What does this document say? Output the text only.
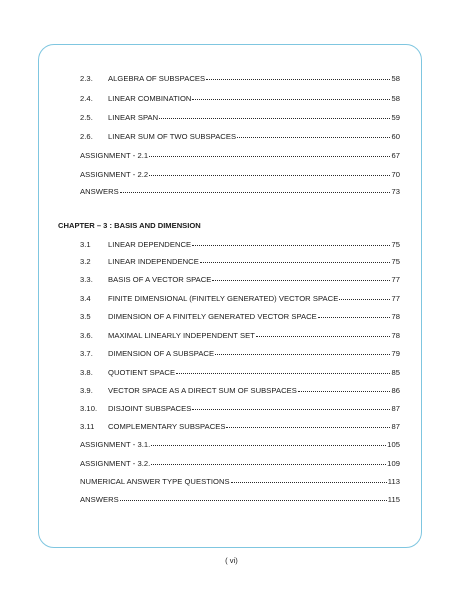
2.3.	ALGEBRA OF SUBSPACES	58
2.4.	LINEAR COMBINATION	58
2.5.	LINEAR SPAN	59
2.6.	LINEAR SUM OF TWO SUBSPACES	60
ASSIGNMENT - 2.1	67
ASSIGNMENT - 2.2	70
ANSWERS	73
CHAPTER – 3 : BASIS AND DIMENSION
3.1	LINEAR DEPENDENCE	75
3.2	LINEAR INDEPENDENCE	75
3.3.	BASIS OF A VECTOR SPACE	77
3.4	FINITE DIMENSIONAL (FINITELY GENERATED) VECTOR SPACE	77
3.5	DIMENSION OF A FINITELY GENERATED VECTOR SPACE	78
3.6.	MAXIMAL LINEARLY INDEPENDENT SET	78
3.7.	DIMENSION OF A SUBSPACE	79
3.8.	QUOTIENT SPACE	85
3.9.	VECTOR SPACE AS A DIRECT SUM OF SUBSPACES	86
3.10.	DISJOINT SUBSPACES	87
3.11	COMPLEMENTARY SUBSPACES	87
ASSIGNMENT - 3.1.	105
ASSIGNMENT - 3.2.	109
NUMERICAL ANSWER TYPE QUESTIONS	113
ANSWERS	115
( vi)
